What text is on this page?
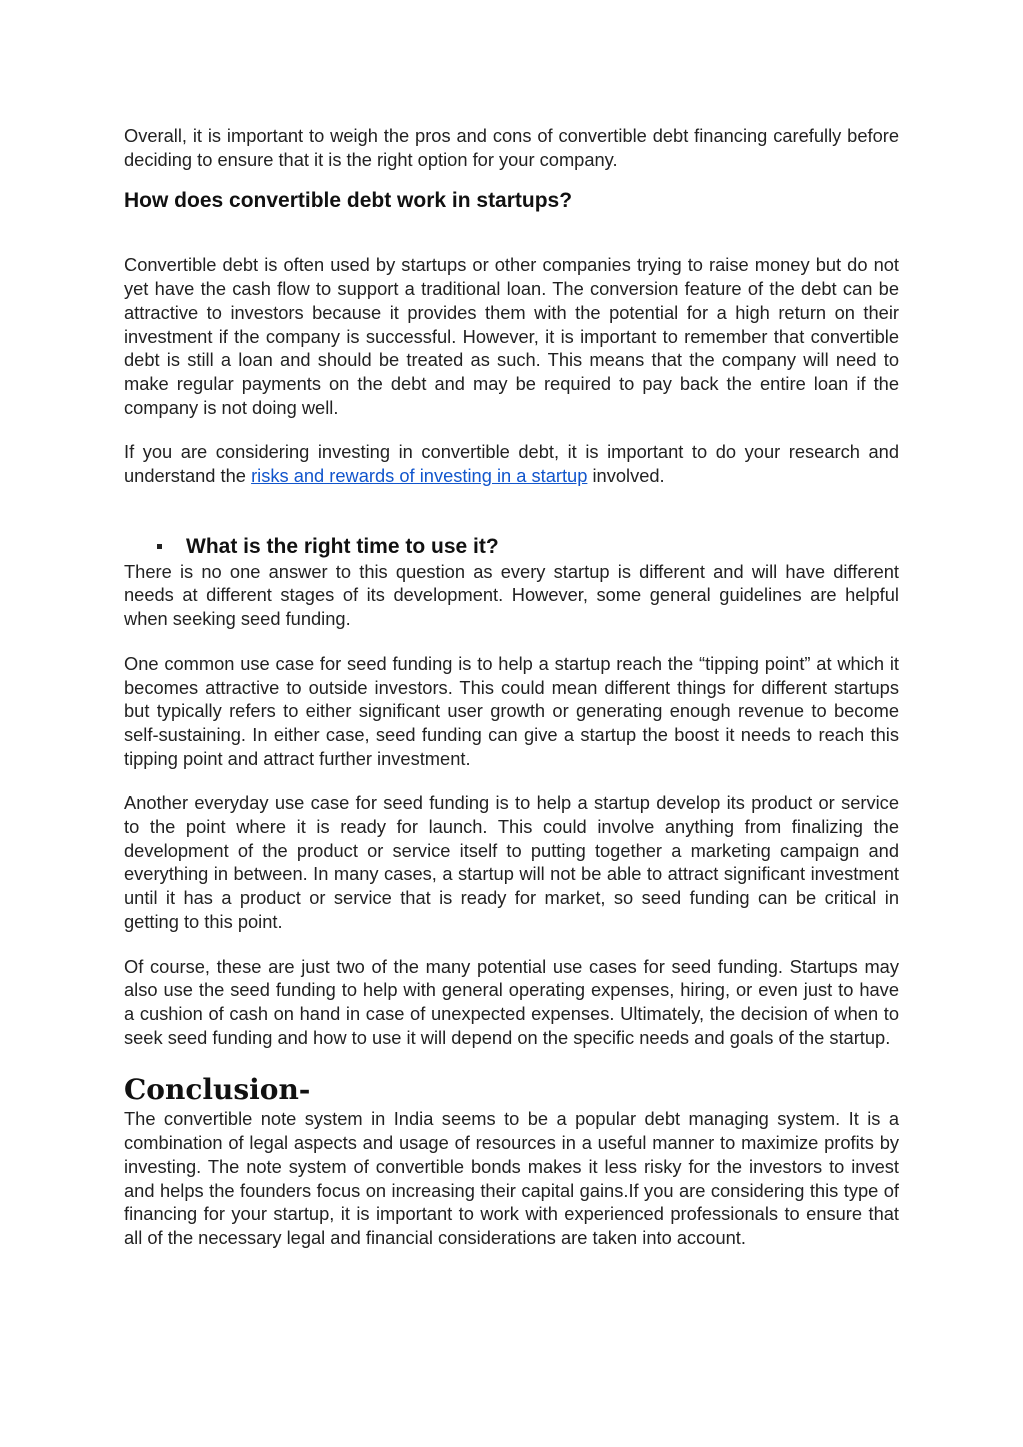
Overall, it is important to weigh the pros and cons of convertible debt financing carefully before deciding to ensure that it is the right option for your company.

How does convertible debt work in startups?

Convertible debt is often used by startups or other companies trying to raise money but do not yet have the cash flow to support a traditional loan. The conversion feature of the debt can be attractive to investors because it provides them with the potential for a high return on their investment if the company is successful. However, it is important to remember that convertible debt is still a loan and should be treated as such. This means that the company will need to make regular payments on the debt and may be required to pay back the entire loan if the company is not doing well.

If you are considering investing in convertible debt, it is important to do your research and understand the risks and rewards of investing in a startup involved.

What is the right time to use it?

There is no one answer to this question as every startup is different and will have different needs at different stages of its development. However, some general guidelines are helpful when seeking seed funding.

One common use case for seed funding is to help a startup reach the “tipping point” at which it becomes attractive to outside investors. This could mean different things for different startups but typically refers to either significant user growth or generating enough revenue to become self-sustaining. In either case, seed funding can give a startup the boost it needs to reach this tipping point and attract further investment.

Another everyday use case for seed funding is to help a startup develop its product or service to the point where it is ready for launch. This could involve anything from finalizing the development of the product or service itself to putting together a marketing campaign and everything in between. In many cases, a startup will not be able to attract significant investment until it has a product or service that is ready for market, so seed funding can be critical in getting to this point.

Of course, these are just two of the many potential use cases for seed funding. Startups may also use the seed funding to help with general operating expenses, hiring, or even just to have a cushion of cash on hand in case of unexpected expenses. Ultimately, the decision of when to seek seed funding and how to use it will depend on the specific needs and goals of the startup.

Conclusion-

The convertible note system in India seems to be a popular debt managing system. It is a combination of legal aspects and usage of resources in a useful manner to maximize profits by investing. The note system of convertible bonds makes it less risky for the investors to invest and helps the founders focus on increasing their capital gains.If you are considering this type of financing for your startup, it is important to work with experienced professionals to ensure that all of the necessary legal and financial considerations are taken into account.
